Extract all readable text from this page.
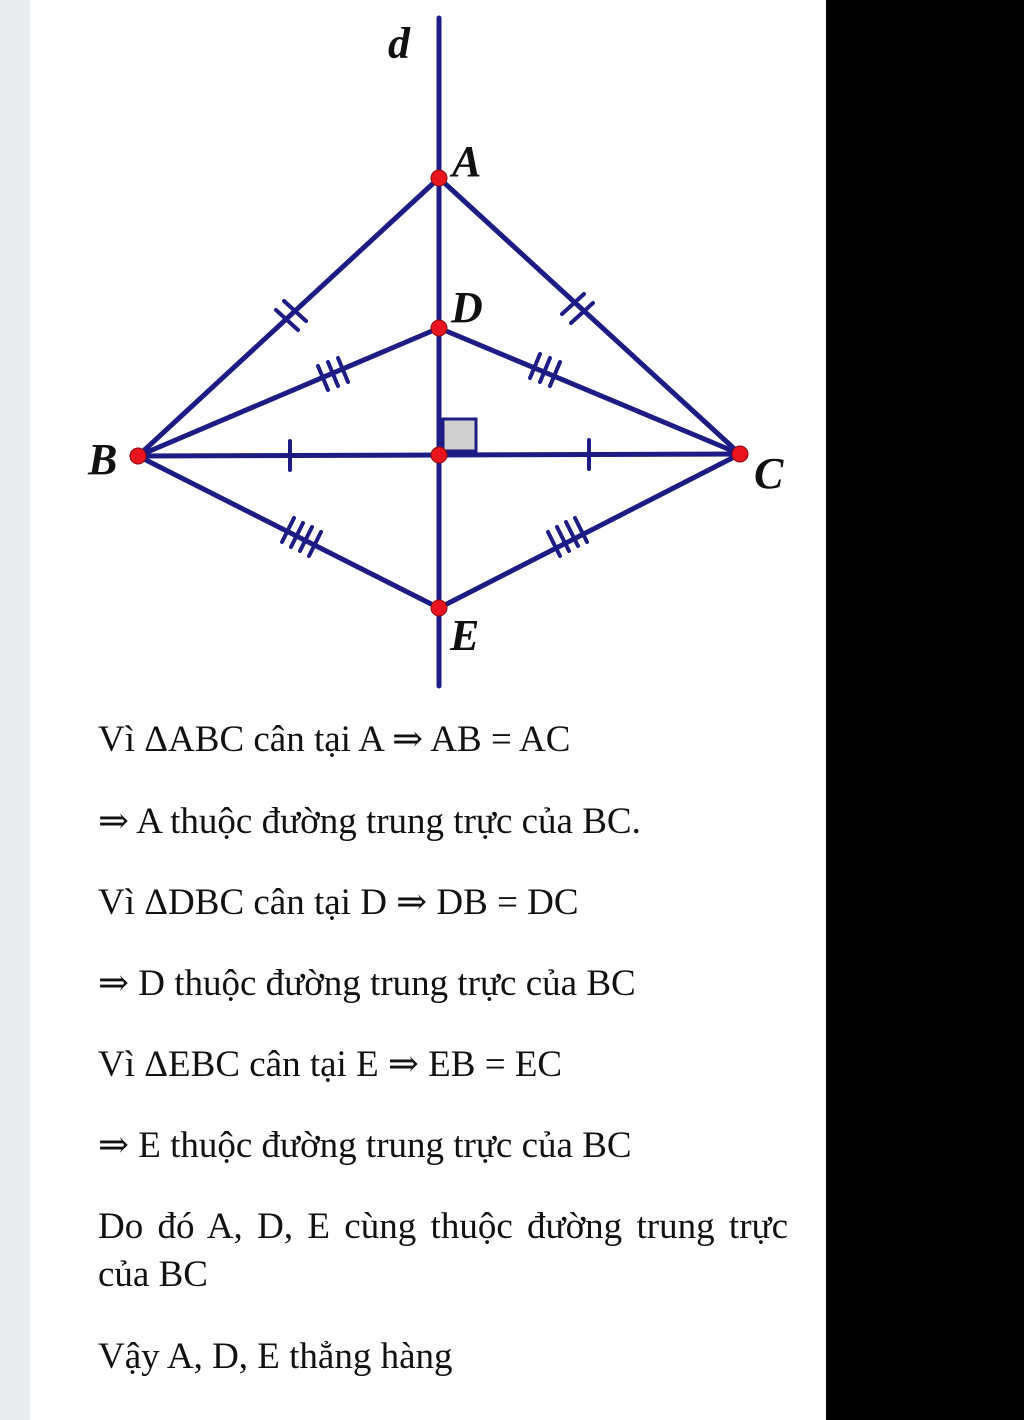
d
A
D
B	C
E

Vì ΔABC cân tại A ⇒ AB = AC

⇒ A thuộc đường trung trực của BC.

Vì ΔDBC cân tại D ⇒ DB = DC

⇒ D thuộc đường trung trực của BC

Vì ΔEBC cân tại E ⇒ EB = EC

⇒ E thuộc đường trung trực của BC

Do đó A, D, E cùng thuộc đường trung trực của BC

Vậy A, D, E thẳng hàng
